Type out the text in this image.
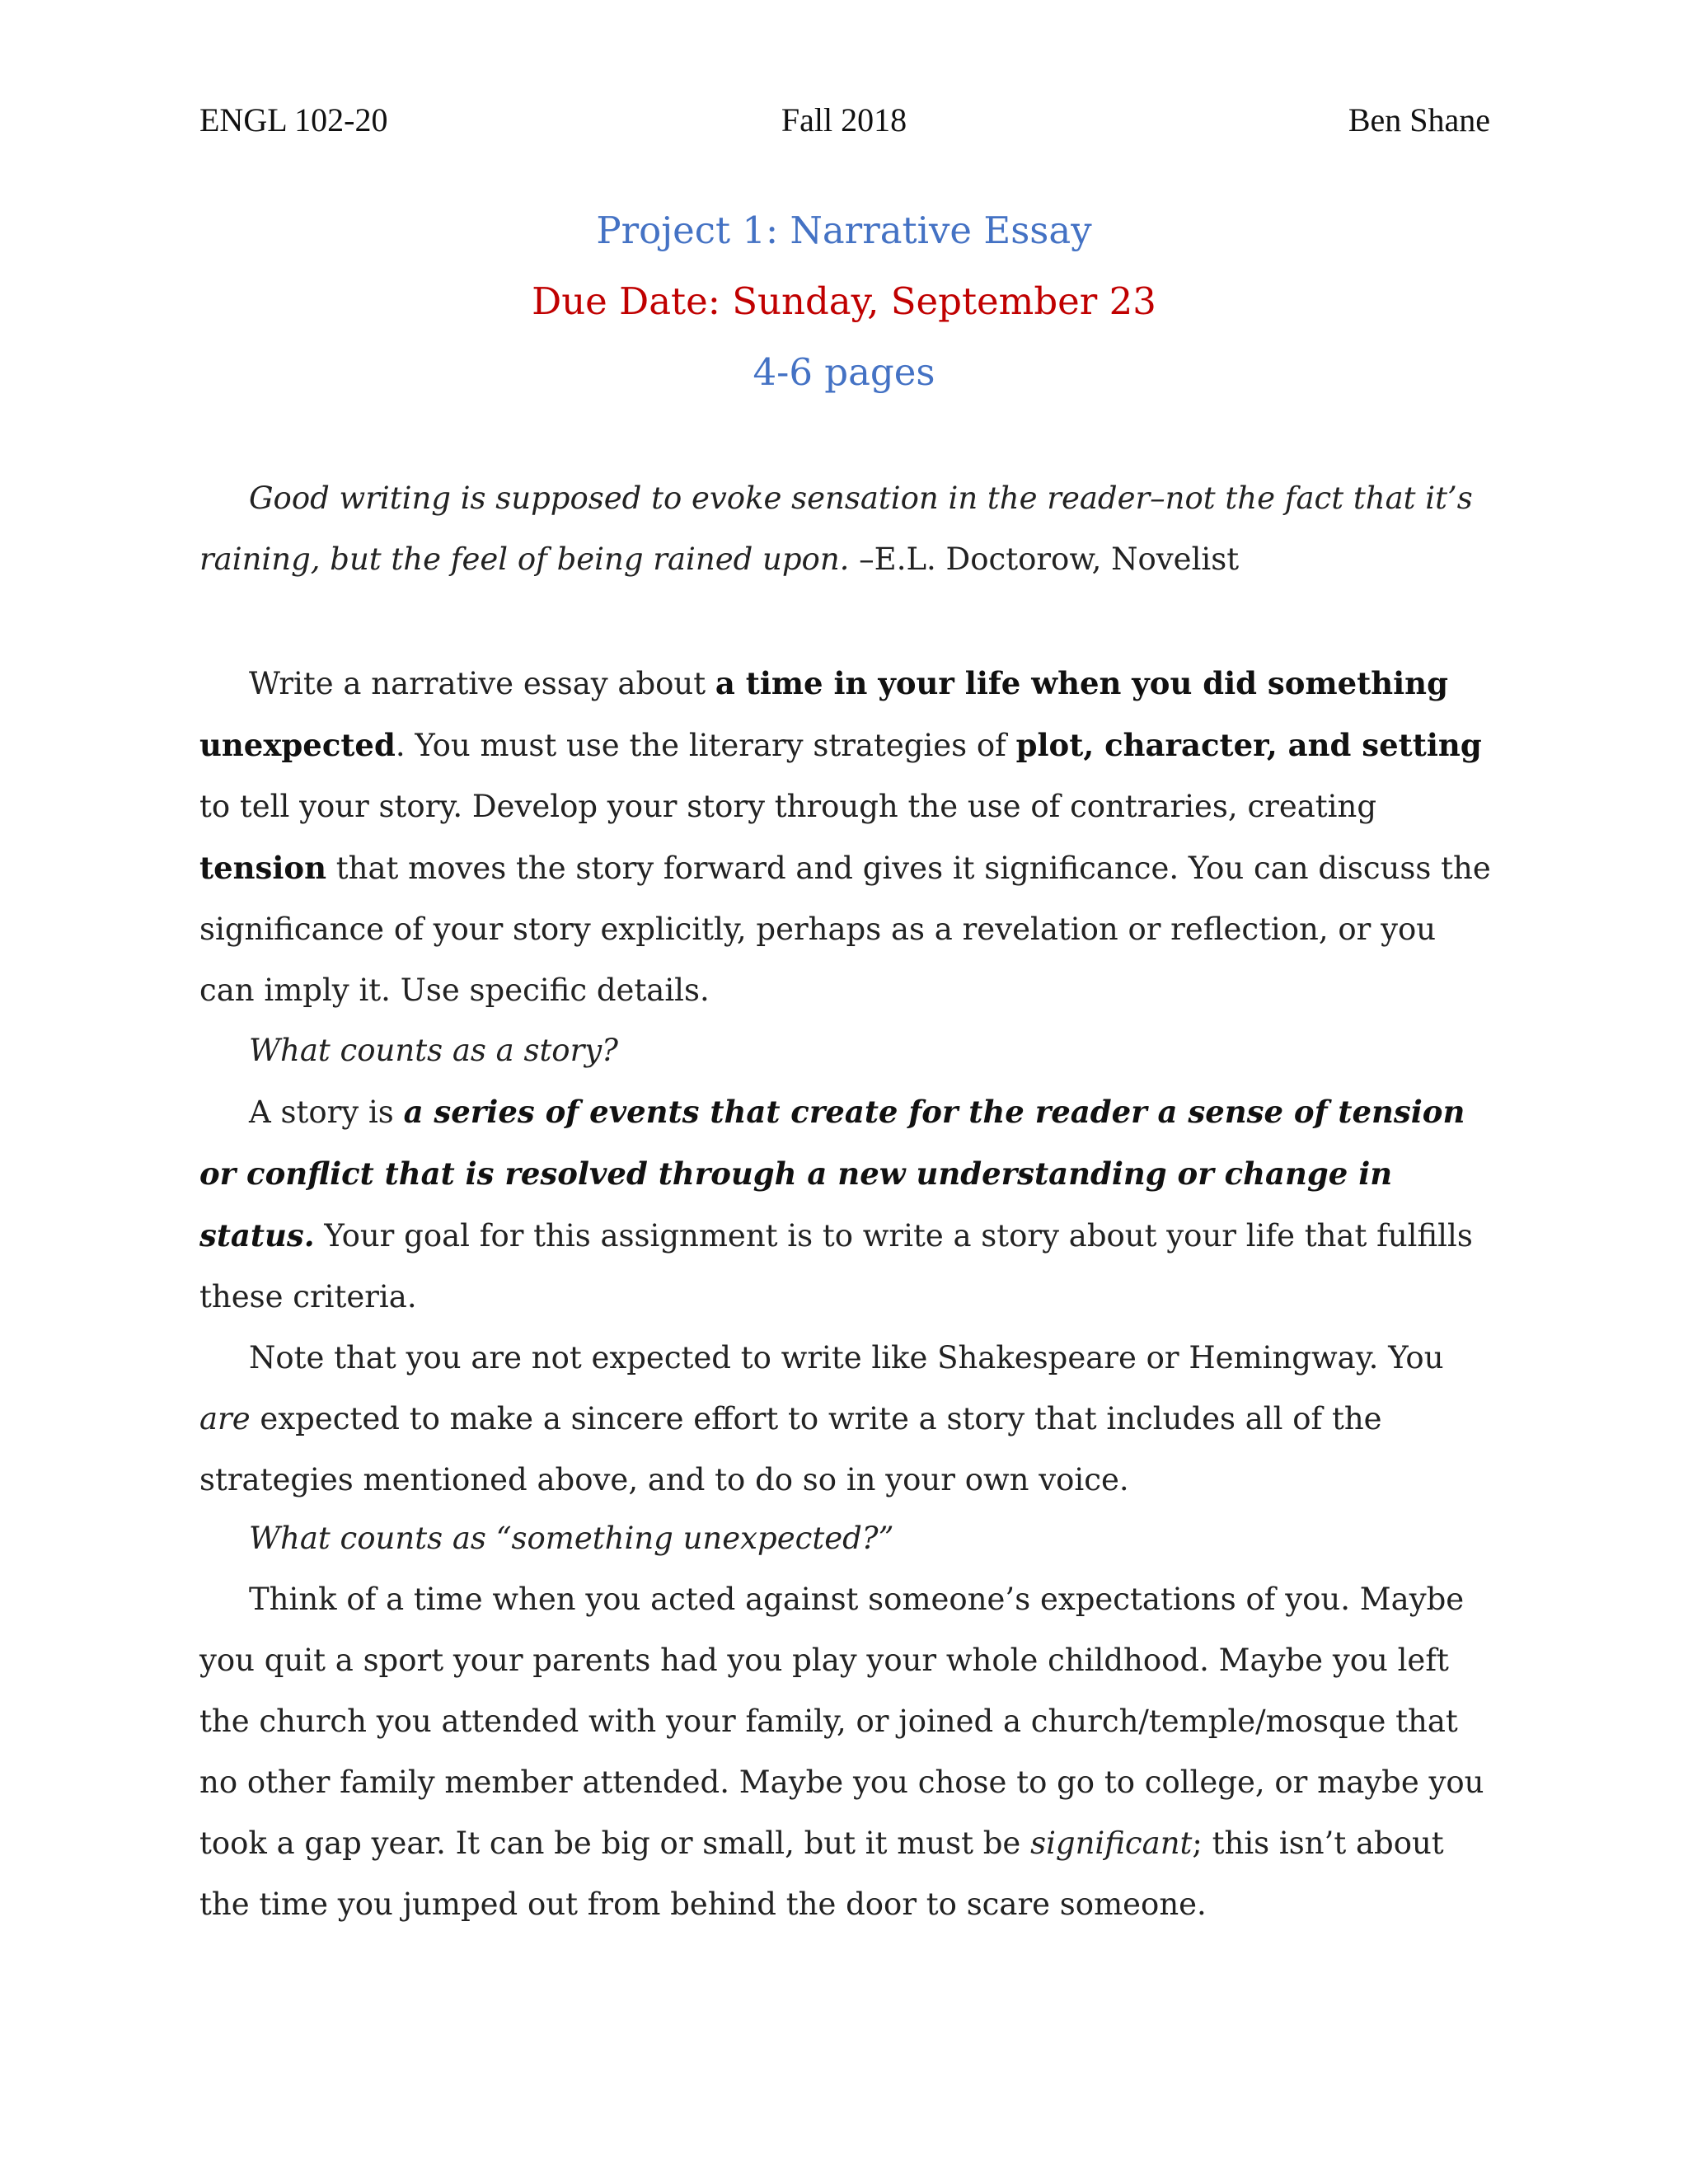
ENGL 102-20	Fall 2018	Ben Shane
Project 1: Narrative Essay
Due Date: Sunday, September 23
4-6 pages

Good writing is supposed to evoke sensation in the reader–not the fact that it’s raining, but the feel of being rained upon. –E.L. Doctorow, Novelist

Write a narrative essay about a time in your life when you did something unexpected. You must use the literary strategies of plot, character, and setting to tell your story. Develop your story through the use of contraries, creating tension that moves the story forward and gives it significance. You can discuss the significance of your story explicitly, perhaps as a revelation or reflection, or you can imply it. Use specific details.

What counts as a story?

A story is a series of events that create for the reader a sense of tension or conflict that is resolved through a new understanding or change in status. Your goal for this assignment is to write a story about your life that fulfills these criteria.

Note that you are not expected to write like Shakespeare or Hemingway. You are expected to make a sincere effort to write a story that includes all of the strategies mentioned above, and to do so in your own voice.

What counts as “something unexpected?”

Think of a time when you acted against someone’s expectations of you. Maybe you quit a sport your parents had you play your whole childhood. Maybe you left the church you attended with your family, or joined a church/temple/mosque that no other family member attended. Maybe you chose to go to college, or maybe you took a gap year. It can be big or small, but it must be significant; this isn’t about the time you jumped out from behind the door to scare someone.
